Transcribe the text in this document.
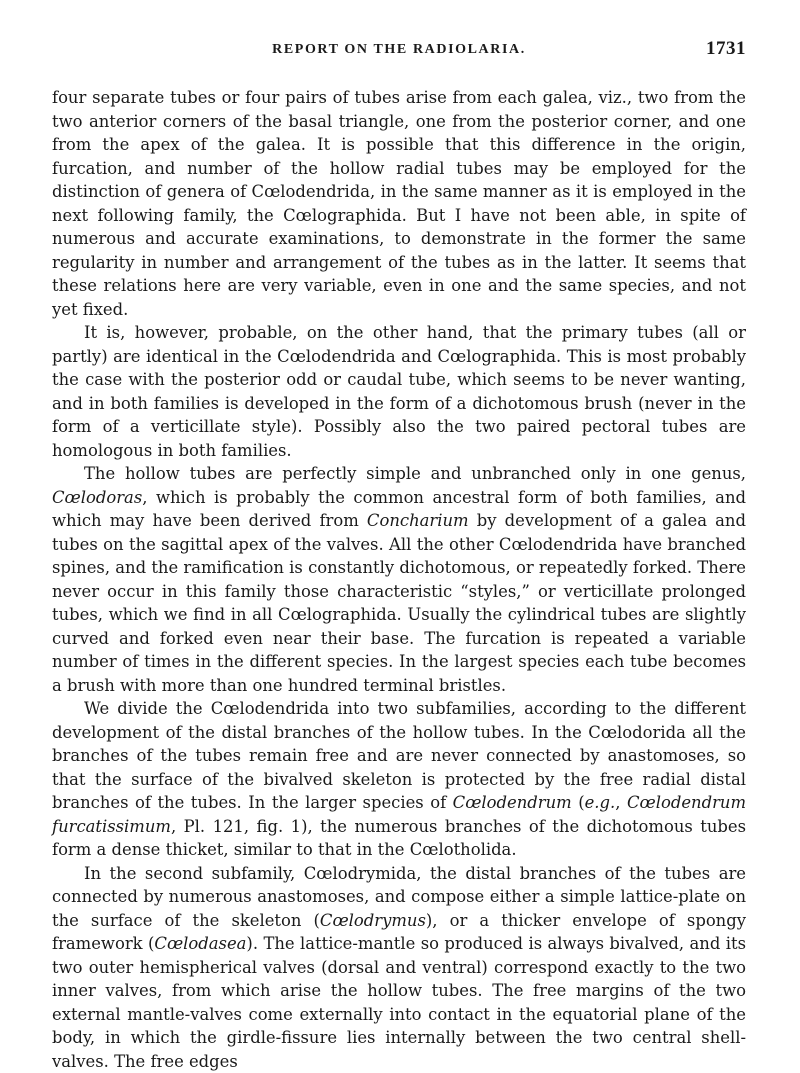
REPORT ON THE RADIOLARIA.	1731

four separate tubes or four pairs of tubes arise from each galea, viz., two from the two anterior corners of the basal triangle, one from the posterior corner, and one from the apex of the galea. It is possible that this difference in the origin, furcation, and number of the hollow radial tubes may be employed for the distinction of genera of Cœlodendrida, in the same manner as it is employed in the next following family, the Cœlographida. But I have not been able, in spite of numerous and accurate examinations, to demonstrate in the former the same regularity in number and arrangement of the tubes as in the latter. It seems that these relations here are very variable, even in one and the same species, and not yet fixed.

It is, however, probable, on the other hand, that the primary tubes (all or partly) are identical in the Cœlodendrida and Cœlographida. This is most probably the case with the posterior odd or caudal tube, which seems to be never wanting, and in both families is developed in the form of a dichotomous brush (never in the form of a verticillate style). Possibly also the two paired pectoral tubes are homologous in both families.

The hollow tubes are perfectly simple and unbranched only in one genus, Cœlodoras, which is probably the common ancestral form of both families, and which may have been derived from Concharium by development of a galea and tubes on the sagittal apex of the valves. All the other Cœlodendrida have branched spines, and the ramification is constantly dichotomous, or repeatedly forked. There never occur in this family those characteristic “styles,” or verticillate prolonged tubes, which we find in all Cœlographida. Usually the cylindrical tubes are slightly curved and forked even near their base. The furcation is repeated a variable number of times in the different species. In the largest species each tube becomes a brush with more than one hundred terminal bristles.

We divide the Cœlodendrida into two subfamilies, according to the different development of the distal branches of the hollow tubes. In the Cœlodorida all the branches of the tubes remain free and are never connected by anastomoses, so that the surface of the bivalved skeleton is protected by the free radial distal branches of the tubes. In the larger species of Cœlodendrum (e.g., Cœlodendrum furcatissimum, Pl. 121, fig. 1), the numerous branches of the dichotomous tubes form a dense thicket, similar to that in the Cœlotholida.

In the second subfamily, Cœlodrymida, the distal branches of the tubes are connected by numerous anastomoses, and compose either a simple lattice-plate on the surface of the skeleton (Cœlodrymus), or a thicker envelope of spongy framework (Cœlodasea). The lattice-mantle so produced is always bivalved, and its two outer hemispherical valves (dorsal and ventral) correspond exactly to the two inner valves, from which arise the hollow tubes. The free margins of the two external mantle-valves come externally into contact in the equatorial plane of the body, in which the girdle-fissure lies internally between the two central shell-valves. The free edges
